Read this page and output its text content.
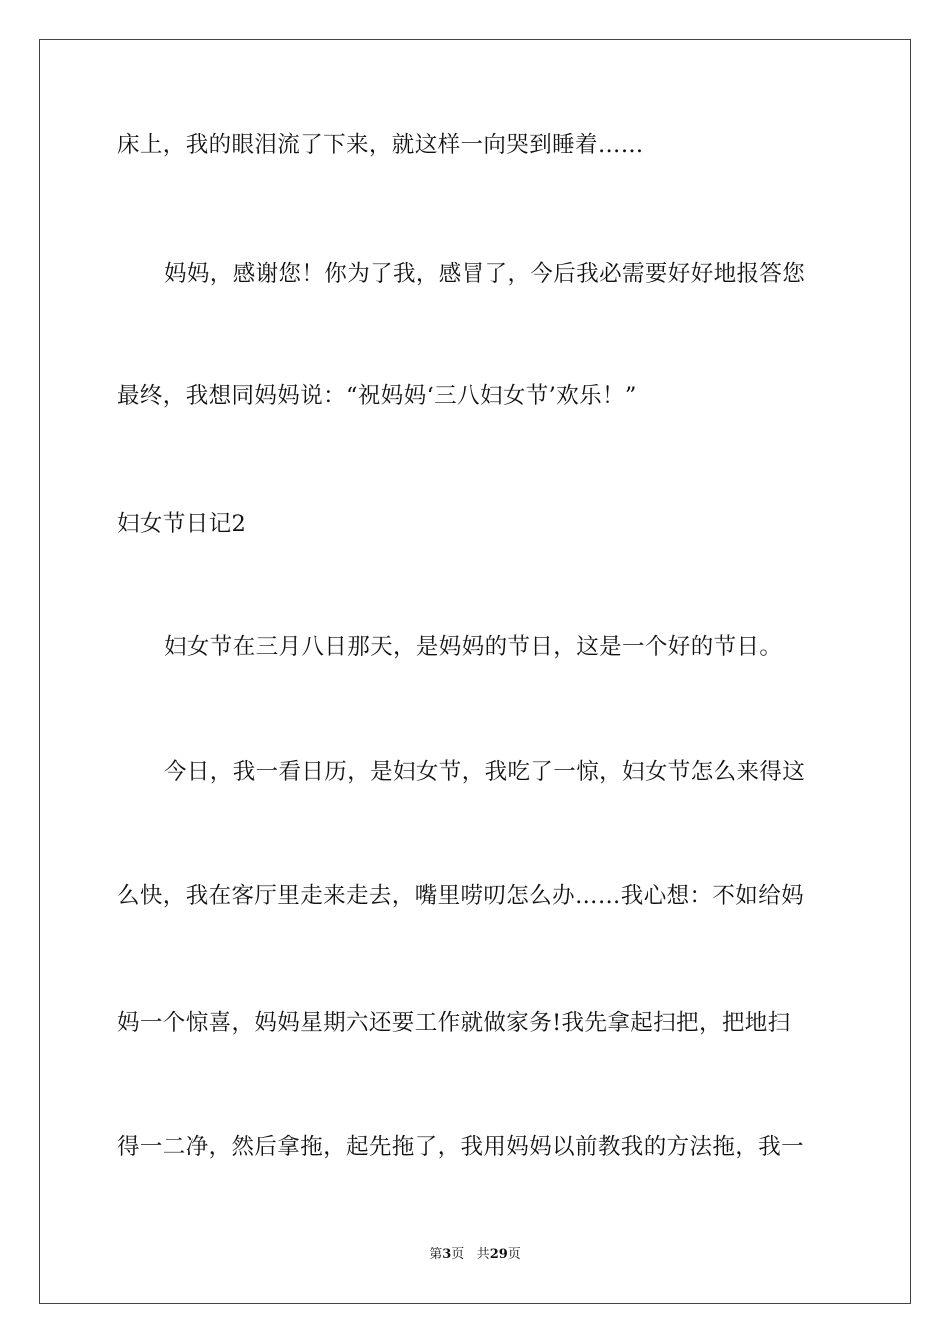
床上，我的眼泪流了下来，就这样一向哭到睡着……
妈妈，感谢您！你为了我，感冒了，今后我必需要好好地报答您
最终，我想同妈妈说：“祝妈妈‘三八妇女节’欢乐！”
妇女节日记2
妇女节在三月八日那天，是妈妈的节日，这是一个好的节日。
今日，我一看日历，是妇女节，我吃了一惊，妇女节怎么来得这
么快，我在客厅里走来走去，嘴里唠叨怎么办……我心想：不如给妈
妈一个惊喜，妈妈星期六还要工作就做家务!我先拿起扫把，把地扫
得一二净，然后拿拖，起先拖了，我用妈妈以前教我的方法拖，我一
第3页 共29页
